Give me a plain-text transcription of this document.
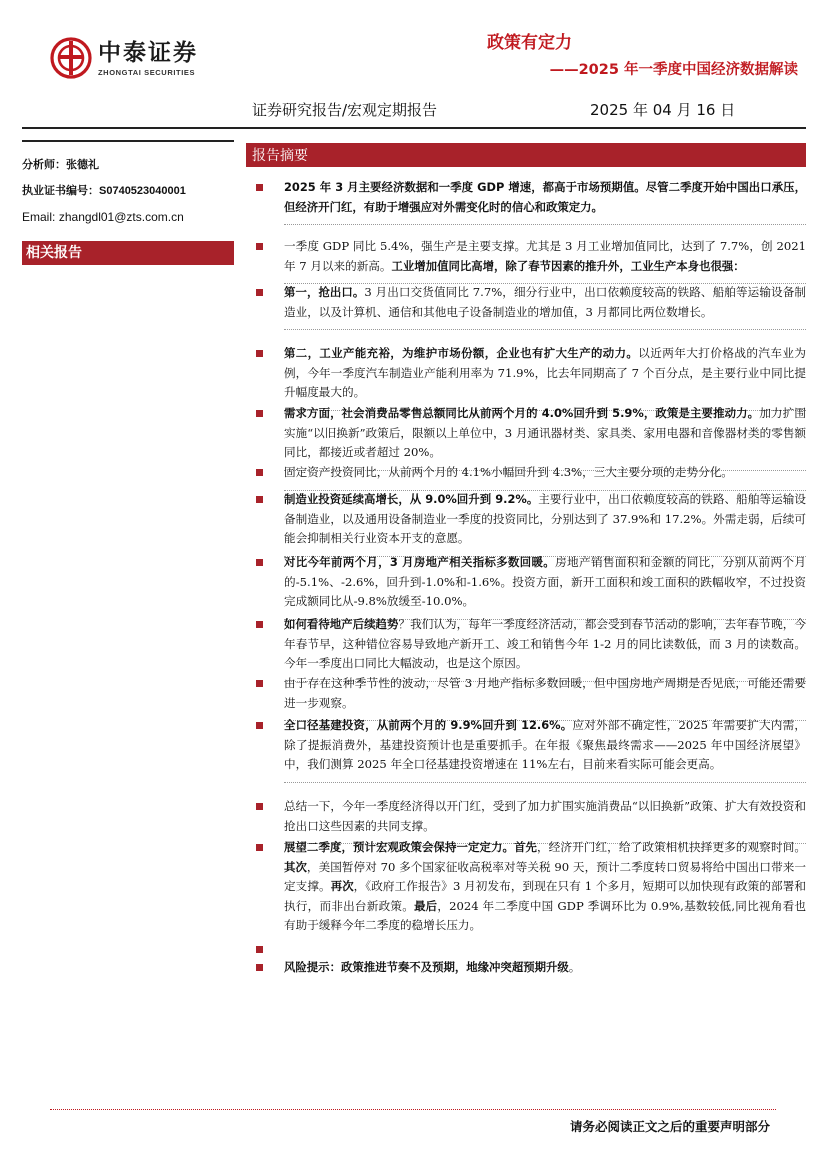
中泰证券
ZHONGTAI SECURITIES
政策有定力
——2025 年一季度中国经济数据解读
证券研究报告/宏观定期报告	2025 年 04 月 16 日
分析师：张德礼
执业证书编号：S0740523040001
Email: zhangdl01@zts.com.cn
相关报告
报告摘要
2025 年 3 月主要经济数据和一季度 GDP 增速，都高于市场预期值。尽管二季度开始中国出口承压，但经济开门红，有助于增强应对外需变化时的信心和政策定力。
一季度 GDP 同比 5.4%，强生产是主要支撑。尤其是 3 月工业增加值同比，达到了 7.7%，创 2021 年 7 月以来的新高。工业增加值同比高增，除了春节因素的推升外，工业生产本身也很强：
第一，抢出口。3 月出口交货值同比 7.7%，细分行业中，出口依赖度较高的铁路、船舶等运输设备制造业，以及计算机、通信和其他电子设备制造业的增加值，3 月都同比两位数增长。
第二，工业产能充裕，为维护市场份额，企业也有扩大生产的动力。以近两年大打价格战的汽车业为例，今年一季度汽车制造业产能利用率为 71.9%，比去年同期高了 7 个百分点，是主要行业中同比提升幅度最大的。
需求方面，社会消费品零售总额同比从前两个月的 4.0%回升到 5.9%，政策是主要推动力。加力扩围实施“以旧换新”政策后，限额以上单位中，3 月通讯器材类、家具类、家用电器和音像器材类的零售额同比，都接近或者超过 20%。
固定资产投资同比，从前两个月的 4.1%小幅回升到 4.3%，三大主要分项的走势分化。
制造业投资延续高增长，从 9.0%回升到 9.2%。主要行业中，出口依赖度较高的铁路、船舶等运输设备制造业，以及通用设备制造业一季度的投资同比，分别达到了 37.9%和 17.2%。外需走弱，后续可能会抑制相关行业资本开支的意愿。
对比今年前两个月，3 月房地产相关指标多数回暖。房地产销售面积和金额的同比，分别从前两个月的-5.1%、-2.6%，回升到-1.0%和-1.6%。投资方面，新开工面积和竣工面积的跌幅收窄，不过投资完成额同比从-9.8%放缓至-10.0%。
如何看待地产后续趋势？我们认为，每年一季度经济活动，都会受到春节活动的影响，去年春节晚，今年春节早，这种错位容易导致地产新开工、竣工和销售今年 1-2 月的同比读数低，而 3 月的读数高。今年一季度出口同比大幅波动，也是这个原因。
由于存在这种季节性的波动，尽管 3 月地产指标多数回暖，但中国房地产周期是否见底，可能还需要进一步观察。
全口径基建投资，从前两个月的 9.9%回升到 12.6%。应对外部不确定性，2025 年需要扩大内需，除了提振消费外，基建投资预计也是重要抓手。在年报《聚焦最终需求——2025 年中国经济展望》中，我们测算 2025 年全口径基建投资增速在 11%左右，目前来看实际可能会更高。
总结一下，今年一季度经济得以开门红，受到了加力扩围实施消费品“以旧换新”政策、扩大有效投资和抢出口这些因素的共同支撑。
展望二季度，预计宏观政策会保持一定定力。首先，经济开门红，给了政策相机抉择更多的观察时间。其次，美国暂停对 70 多个国家征收高税率对等关税 90 天，预计二季度转口贸易将给中国出口带来一定支撑。再次，《政府工作报告》3 月初发布，到现在只有 1 个多月，短期可以加快现有政策的部署和执行，而非出台新政策。最后，2024 年二季度中国 GDP 季调环比为 0.9%,基数较低,同比视角看也有助于缓释今年二季度的稳增长压力。

风险提示：政策推进节奏不及预期，地缘冲突超预期升级。
请务必阅读正文之后的重要声明部分
